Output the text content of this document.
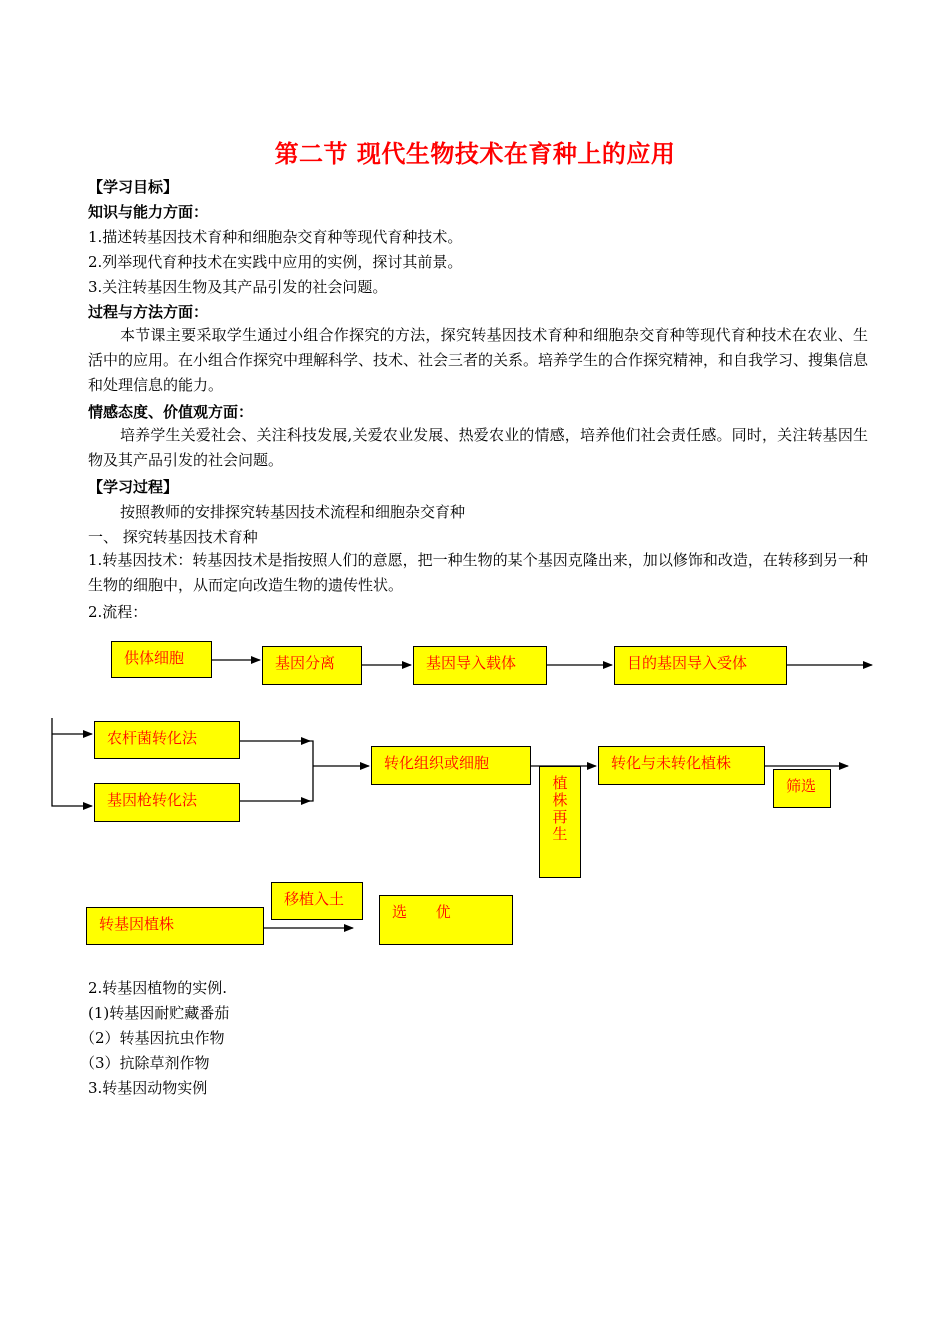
第二节 现代生物技术在育种上的应用
【学习目标】
知识与能力方面：
1.描述转基因技术育种和细胞杂交育种等现代育种技术。
2.列举现代育种技术在实践中应用的实例，探讨其前景。
3.关注转基因生物及其产品引发的社会问题。
过程与方法方面：
本节课主要采取学生通过小组合作探究的方法，探究转基因技术育种和细胞杂交育种等现代育种技术在农业、生活中的应用。在小组合作探究中理解科学、技术、社会三者的关系。培养学生的合作探究精神，和自我学习、搜集信息和处理信息的能力。
情感态度、价值观方面：
培养学生关爱社会、关注科技发展,关爱农业发展、热爱农业的情感，培养他们社会责任感。同时，关注转基因生物及其产品引发的社会问题。
【学习过程】
按照教师的安排探究转基因技术流程和细胞杂交育种
一、 探究转基因技术育种
1.转基因技术：转基因技术是指按照人们的意愿，把一种生物的某个基因克隆出来，加以修饰和改造，在转移到另一种生物的细胞中，从而定向改造生物的遗传性状。
2.流程：
供体细胞	基因分离	基因导入载体	目的基因导入受体
农杆菌转化法
基因枪转化法
转化组织或细胞
植
株
再
生
转化与未转化植株
筛选
移植入土
转基因植株
选      优
2.转基因植物的实例.
(1)转基因耐贮藏番茄
（2）转基因抗虫作物
（3）抗除草剂作物
3.转基因动物实例
